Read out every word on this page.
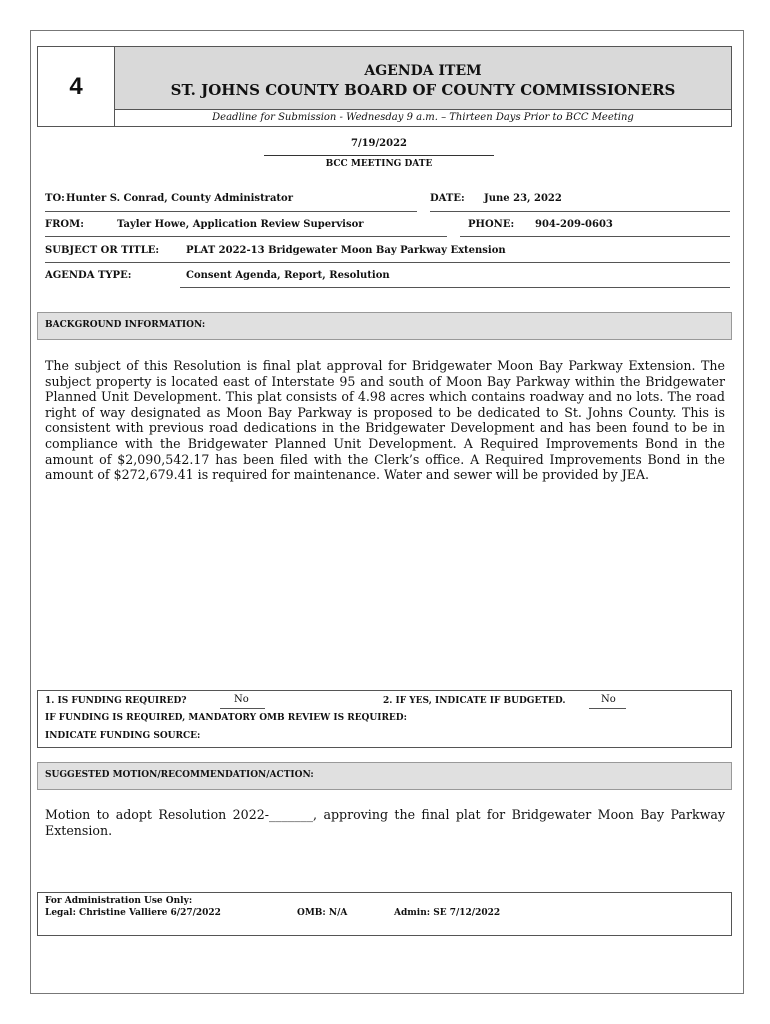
4
AGENDA ITEM
ST. JOHNS COUNTY BOARD OF COUNTY COMMISSIONERS
Deadline for Submission - Wednesday 9 a.m. – Thirteen Days Prior to BCC Meeting
7/19/2022
BCC MEETING DATE
TO: Hunter S. Conrad, County Administrator	DATE: June 23, 2022
FROM:	Tayler Howe, Application Review Supervisor	PHONE: 904-209-0603
SUBJECT OR TITLE:	PLAT 2022-13 Bridgewater Moon Bay Parkway Extension
AGENDA TYPE:	Consent Agenda, Report, Resolution
BACKGROUND INFORMATION:
The subject of this Resolution is final plat approval for Bridgewater Moon Bay Parkway Extension. The subject property is located east of Interstate 95 and south of Moon Bay Parkway within the Bridgewater Planned Unit Development. This plat consists of 4.98 acres which contains roadway and no lots. The road right of way designated as Moon Bay Parkway is proposed to be dedicated to St. Johns County. This is consistent with previous road dedications in the Bridgewater Development and has been found to be in compliance with the Bridgewater Planned Unit Development. A Required Improvements Bond in the amount of $2,090,542.17 has been filed with the Clerk’s office. A Required Improvements Bond in the amount of $272,679.41 is required for maintenance. Water and sewer will be provided by JEA.
1. IS FUNDING REQUIRED?	No	2. IF YES, INDICATE IF BUDGETED.	No
IF FUNDING IS REQUIRED, MANDATORY OMB REVIEW IS REQUIRED:
INDICATE FUNDING SOURCE:
SUGGESTED MOTION/RECOMMENDATION/ACTION:
Motion to adopt Resolution 2022-_______, approving the final plat for Bridgewater Moon Bay Parkway Extension.
For Administration Use Only:
Legal: Christine Valliere 6/27/2022	OMB: N/A	Admin: SE 7/12/2022
